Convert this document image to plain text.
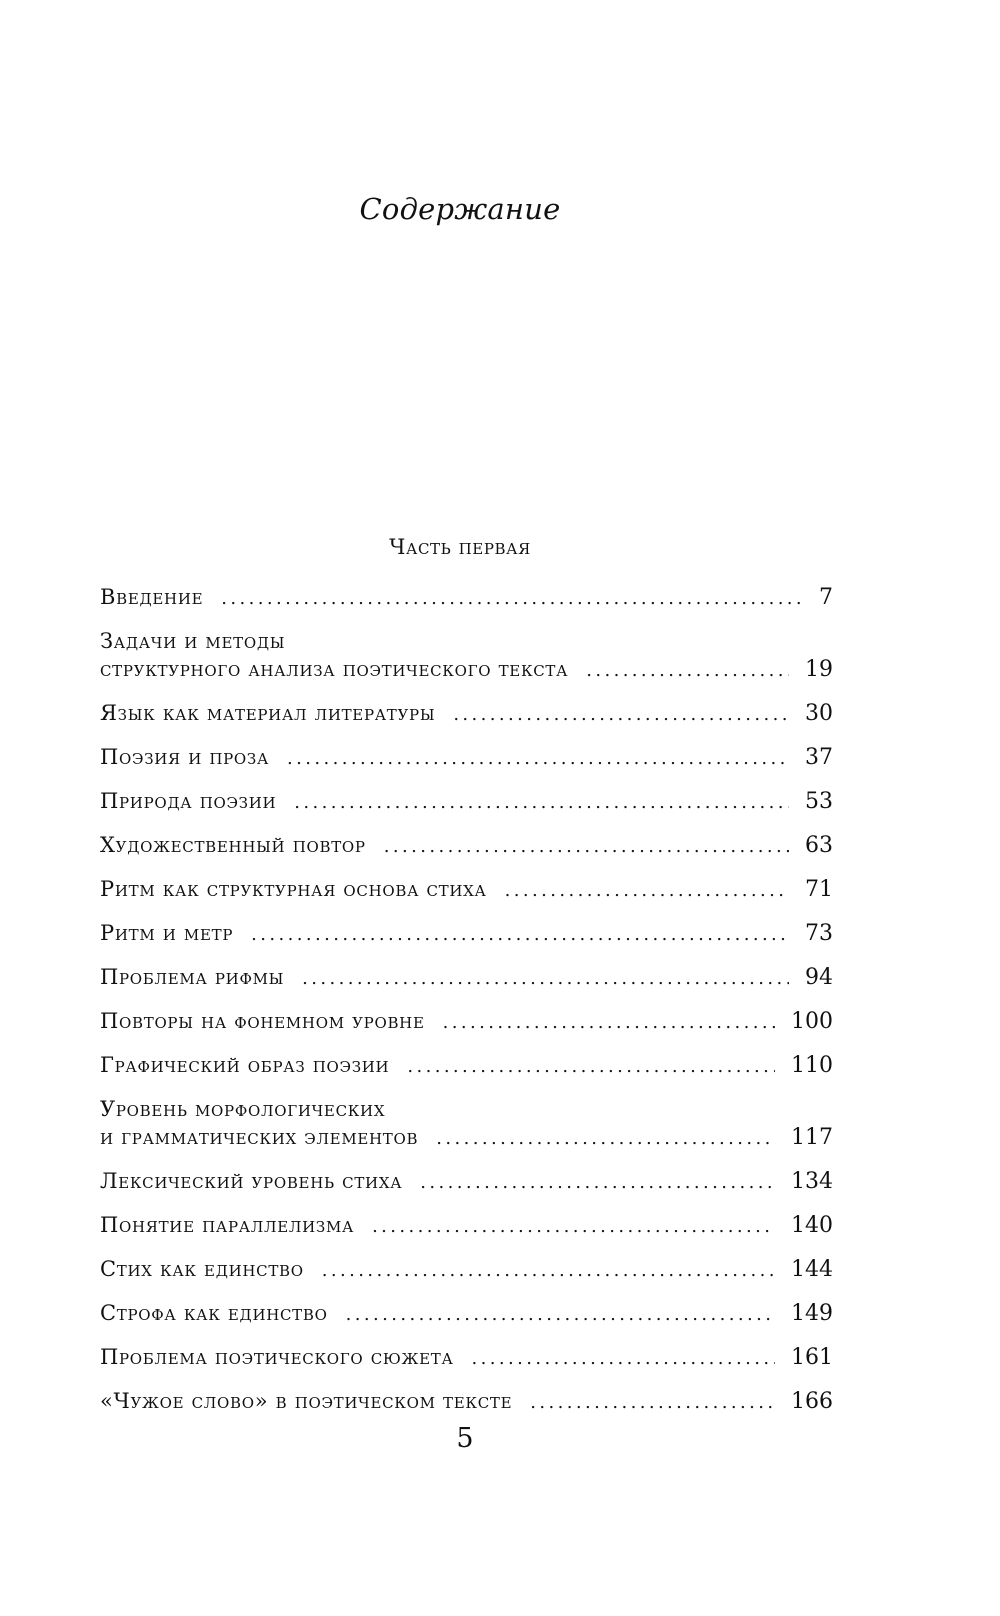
Содержание
Часть первая
Введение .....	7
Задачи и методы
структурного анализа поэтического текста .....	19
Язык как материал литературы .....	30
Поэзия и проза .....	37
Природа поэзии .....	53
Художественный повтор .....	63
Ритм как структурная основа стиха .....	71
Ритм и метр .....	73
Проблема рифмы .....	94
Повторы на фонемном уровне .....	100
Графический образ поэзии .....	110
Уровень морфологических
и грамматических элементов .....	117
Лексический уровень стиха .....	134
Понятие параллелизма .....	140
Стих как единство .....	144
Строфа как единство .....	149
Проблема поэтического сюжета .....	161
«Чужое слово» в поэтическом тексте .....	166
5
